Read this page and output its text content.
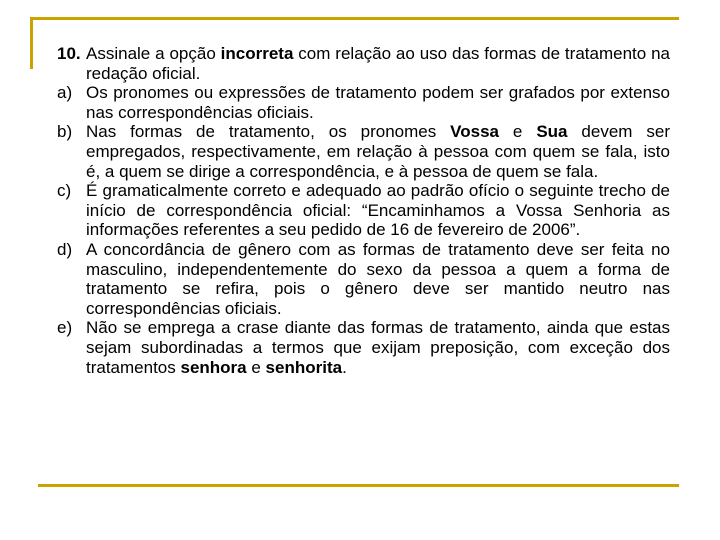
10. Assinale a opção incorreta com relação ao uso das formas de tratamento na redação oficial.
a) Os pronomes ou expressões de tratamento podem ser grafados por extenso nas correspondências oficiais.
b) Nas formas de tratamento, os pronomes Vossa e Sua devem ser empregados, respectivamente, em relação à pessoa com quem se fala, isto é, a quem se dirige a correspondência, e à pessoa de quem se fala.
c) É gramaticalmente correto e adequado ao padrão ofício o seguinte trecho de início de correspondência oficial: “Encaminhamos a Vossa Senhoria as informações referentes a seu pedido de 16 de fevereiro de 2006”.
d) A concordância de gênero com as formas de tratamento deve ser feita no masculino, independentemente do sexo da pessoa a quem a forma de tratamento se refira, pois o gênero deve ser mantido neutro nas correspondências oficiais.
e) Não se emprega a crase diante das formas de tratamento, ainda que estas sejam subordinadas a termos que exijam preposição, com exceção dos tratamentos senhora e senhorita.
